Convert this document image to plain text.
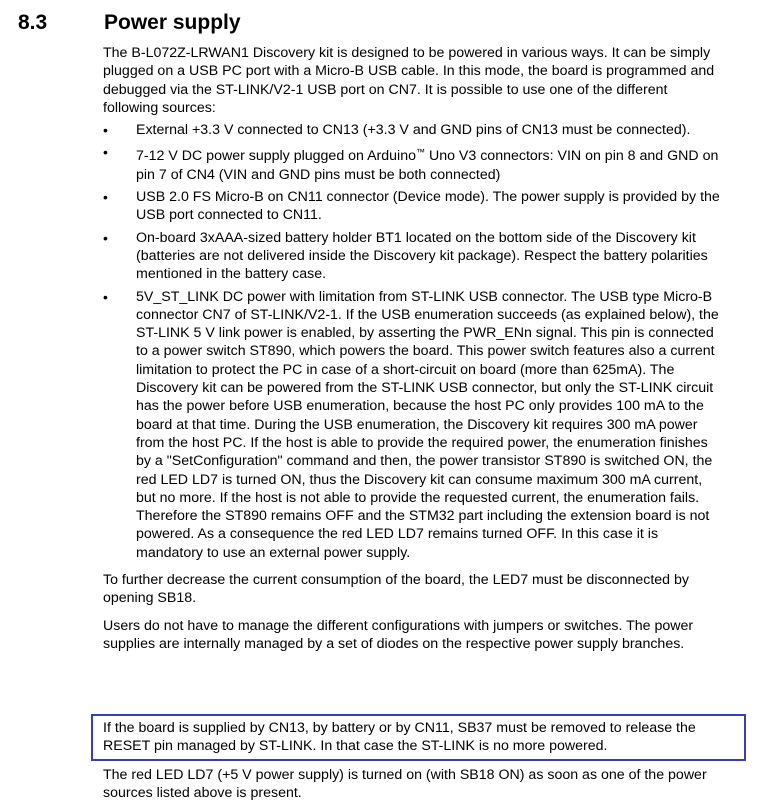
8.3	Power supply

The B-L072Z-LRWAN1 Discovery kit is designed to be powered in various ways. It can be simply plugged on a USB PC port with a Micro-B USB cable. In this mode, the board is programmed and debugged via the ST-LINK/V2-1 USB port on CN7. It is possible to use one of the different following sources:

• External +3.3 V connected to CN13 (+3.3 V and GND pins of CN13 must be connected).
• 7-12 V DC power supply plugged on Arduino™ Uno V3 connectors: VIN on pin 8 and GND on pin 7 of CN4 (VIN and GND pins must be both connected)
• USB 2.0 FS Micro-B on CN11 connector (Device mode). The power supply is provided by the USB port connected to CN11.
• On-board 3xAAA-sized battery holder BT1 located on the bottom side of the Discovery kit (batteries are not delivered inside the Discovery kit package). Respect the battery polarities mentioned in the battery case.
• 5V_ST_LINK DC power with limitation from ST-LINK USB connector. The USB type Micro-B connector CN7 of ST-LINK/V2-1. If the USB enumeration succeeds (as explained below), the ST-LINK 5 V link power is enabled, by asserting the PWR_ENn signal. This pin is connected to a power switch ST890, which powers the board. This power switch features also a current limitation to protect the PC in case of a short-circuit on board (more than 625mA). The Discovery kit can be powered from the ST-LINK USB connector, but only the ST-LINK circuit has the power before USB enumeration, because the host PC only provides 100 mA to the board at that time. During the USB enumeration, the Discovery kit requires 300 mA power from the host PC. If the host is able to provide the required power, the enumeration finishes by a "SetConfiguration" command and then, the power transistor ST890 is switched ON, the red LED LD7 is turned ON, thus the Discovery kit can consume maximum 300 mA current, but no more. If the host is not able to provide the requested current, the enumeration fails. Therefore the ST890 remains OFF and the STM32 part including the extension board is not powered. As a consequence the red LED LD7 remains turned OFF. In this case it is mandatory to use an external power supply.

To further decrease the current consumption of the board, the LED7 must be disconnected by opening SB18.

Users do not have to manage the different configurations with jumpers or switches. The power supplies are internally managed by a set of diodes on the respective power supply branches.

If the board is supplied by CN13, by battery or by CN11, SB37 must be removed to release the RESET pin managed by ST-LINK. In that case the ST-LINK is no more powered.
The red LED LD7 (+5 V power supply) is turned on (with SB18 ON) as soon as one of the power sources listed above is present.
